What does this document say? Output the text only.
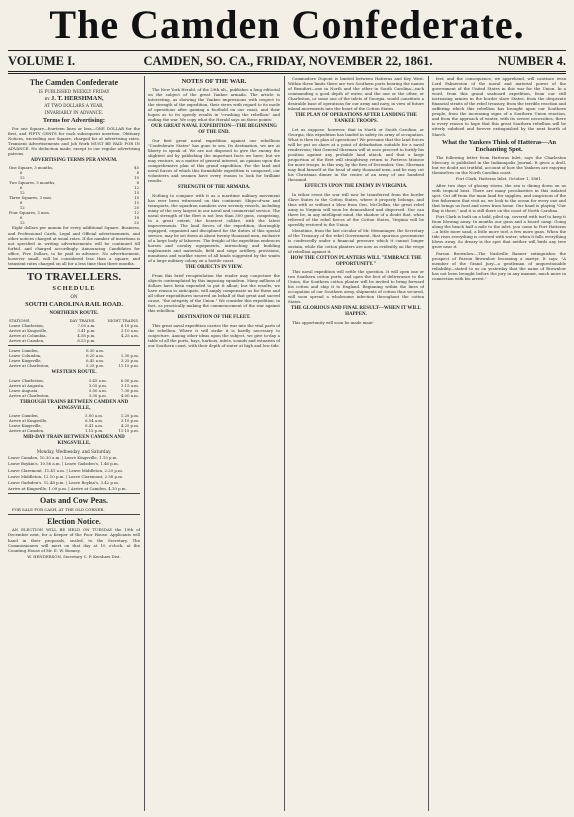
The Camden Confederate.
VOLUME I.	CAMDEN, SO. CA., FRIDAY, NOVEMBER 22, 1861.	NUMBER 4.

The Camden Confederate

IS PUBLISHED WEEKLY FRIDAY

BY J. T. HERSHMAN,

AT TWO DOLLARS A YEAR,

INVARIABLY IN ADVANCE.

Terms for Advertising:

For one Square—fourteen lines or less—ONE DOLLAR for the first, and FIFTY CENTS for each subsequent insertion. Obituary Notices, exceeding one Square, charged for at advertising rates. Transient Advertisements and Job Work MUST BE PAID FOR IN ADVANCE. No deduction made, except to our regular advertising patrons.

ADVERTISING TERMS PER ANNUM.

One Square, 3 months,	$5
6	8
12	10
Two Squares, 3 months,	8
6	12
12	15
Three Squares, 3 mos.	10
6	15
12	20
Four Squares, 3 mos.	12
6	18
12	25

Eight dollars per annum for every additional Square. Business, and Professional Cards, Legal and Official advertisements, and other notices charged at usual rates. If the number of insertions is not specified in writing advertisements will be continued till forbid, and charged accordingly. Announcing Candidates for office, Five Dollars, to be paid in advance. No advertisement, however small, will be considered less than a square; and transient rates charged on all for a less time than three months.

TO TRAVELLERS.

SCHEDULE

ON

SOUTH CAROLINA RAIL ROAD.

NORTHERN ROUTE.

STATIONS.	DAY TRAINS.	NIGHT TRAINS.
Leave Charleston,	7.00 a.m.	6.10 p.m.
Arrive at Kingsville,	3.41 p.m.	3.10 a.m.
Arrive at Columbia,	4.58 p.m.	4.25 a.m.
Arrive at Camden,	6.53 p.m.	
Leave Camden,	6.30 a.m.	
Leave Columbia,	6.20 a.m.	1.30 p.m.
Leave Kingsville,	6.45 a.m.	3.25 p.m.
Arrive at Charleston,	5.25 p.m.	11.15 p.m.

WESTERN ROUTE.

Leave Charleston,	5.45 a.m.	6.00 p.m.
Arrive at Augusta,	3.05 p.m.	3.15 a.m.
Leave Augusta,	5.00 a.m.	7.30 p.m.
Arrive at Charleston,	3.30 p.m.	4.00 a.m.

THROUGH TRAINS BETWEEN CAMDEN AND KINGSVILLE,

Leave Camden,	5.00 a.m.	1.20 p.m.
Arrive at Kingsville,	6.54 a.m.	3.10 p.m.
Leave Kingsville,	6.41 a.m.	4.25 p.m.
Arrive at Camden,	1.15 p.m.	11.15 p.m.

MID-DAY TRAIN BETWEEN CAMDEN AND KINGSVILLE,

Monday, Wednesday, and Saturday.

Leave Camden, 10.30 a.m. | Leave Kingsville, 1.15 p.m.

Leave Boykin's, 10.56 a.m. | Leave Gadsden's, 1.46 p.m.

Leave Claremont, 11.41 a.m. | Leave Middleton, 2.20 p.m.

Leave Middleton, 12.10 p.m. | Leave Claremont, 2.58 p.m.

Leave Gadsden's, 12.48 p.m. | Leave Boykin's, 3.42 p.m.

Arrive at Kingsville, 1.09 p.m. | Arrive at Camden, 4.10 p.m.

Oats and Cow Peas.

FOR SALE FOR CASH, AT THE OLD CORNER.

Election Notice.

AN ELECTION WILL BE HELD ON TUESDAY the 19th of December next, for a Keeper of the Poor House. Applicants will hand in their proposals, sealed, to the Secretary. The Commissioners will meet on that day at 10 o'clock, at the Counting House of Mr. E. W. Bonney.

W. HENDERSON, Secretary C. P. Kershaw Dist.

NOTES OF THE WAR.

The New York Herald, of the 29th ult., publishes a long editorial on the subject of the great Yankee armada. The article is interesting, as showing the Yankee impressions with respect to the strength of the expedition, their views with regard to its mode of operations after gaining a foothold on our coast, and their hopes as to its speedy results in "crushing the rebellion" and ending the war. We copy what the Herald says on these points:

OUR GREAT NAVAL EXPEDITION—THE BEGINNING OF THE END.

Our first great naval expedition against our rebellious "Confederate States" has gone to sea. Its destination, we are at liberty to speak of. We are not disposed to give the enemy the slightest aid by publishing the important facts we have; but we may venture, as a matter of general interest, an opinion upon the comprehensive plan of this grand expedition. For the land and naval forces of which this formidable expedition is composed, our volunteers and seamen have every reason to look for brilliant results.

STRENGTH OF THE ARMADA.

Nothing to compare with it as a maritime military movement has ever been witnessed on this continent. Ships-of-war and transports, the squadron numbers over seventy vessels, including many of the very largest in our naval and commercial service. The naval strength of the fleet is not less than 300 guns, comprising, to a great extent, the heaviest calibre, with the latest improvements. The land forces of the expedition, thoroughly equipped, organized and disciplined for the duties of this special service, may be set down at about twenty thousand men, exclusive of a large body of laborers. The freight of the expedition embraces horses and cavalry equipments, intrenching and building implements and materials, field and siege artillery, provisions, munitions and warlike stores of all kinds suggested by the wants of a large military colony on a hostile coast.

THE OBJECTS IN VIEW.

From this brief recapitulation the reader may conjecture the objects contemplated by this imposing squadron. Many millions of dollars have been expended to put it afloat; but the results, we have reason to anticipate, will amply compensate us for these and all other expenditures incurred on behalf of that great and sacred cause, "the integrity of the Union." We consider this expedition, in fact, as practically making the commencement of the war against this rebellion.

DESTINATION OF THE FLEET.

This great naval expedition carries the war into the vital parts of the rebellion. Where it will strike it is hardly necessary to conjecture. Among other ideas upon the subject, we give to-day a table of all the ports, bays, harbors, inlets, sounds and estuaries of our Southern coast, with their depth of water at high and low tide.

Commodore Dupont is limited between Hatteras and Key West. Within these limits there are two Southern ports bearing the names of Beaufort—one in North and the other in South Carolina—each commanding a good depth of water, and the one or the other, or Charleston, or some one of the inlets of Georgia, would constitute a desirable base of operations for our army and navy, in view of future inland movements into the heart of the Cotton States.

THE PLAN OF OPERATIONS AFTER LANDING THE YANKEE TROOPS.

Let us suppose, however, that in North or South Carolina, or Georgia, this expedition has landed in safety its army of occupation. What is then its plan of operations? We presume that the land forces will be put on shore at a point of debarkation suitable for a naval rendezvous; that General Sherman will at once proceed to fortify his position against any probable land attack, and that a large proportion of the fleet will straightway return to Fortress Monroe for more troops. In this way, by the first of December, Gen. Sherman may find himself at the head of sixty thousand men, and he may cut his Christmas dinner in the centre of an army of one hundred thousand.

EFFECTS UPON THE ENEMY IN VIRGINIA.

In either event the war will now be transferred from the border Slave States to the Cotton States, where it properly belongs, and thus with or without a blow from Gen. McClellan, the great rebel army in Virginia will soon be demoralized and dispersed. Nor can there be, in any intelligent mind, the shadow of a doubt that, when relieved of the rebel forces of the Cotton States, Virginia will be speedily restored to the Union.

Meantime, from the last circular of Mr. Memminger, the Secretary of the Treasury of the rebel Government, that spurious government is confessedly under a financial pressure which it cannot longer sustain, while the cotton planters are now as evidently on the verge of rebellion against it.

HOW THE COTTON PLANTERS WILL "EMBRACE THE OPPORTUNITY."

This naval expedition will settle the question. It will open one or two Southern cotton ports, and open the foot of deliverance to the Union, the Southern cotton planter will be invited to bring forward his cotton and ship it to England. Beginning within the lines of occupation of our Southern army, shipments of cotton thus secured, will soon spread a wholesome infection throughout the cotton States.

THE GLORIOUS AND FINAL RESULT—WHEN IT WILL HAPPEN.

This opportunity will soon be made mani-

fest, and the consequence, we apprehend, will convince even Lord Palmerston of the moral and material power of the government of the United States in this war for the Union. In a word, from this grand seaboard expedition, from our still increasing armies in the border slave States, from the desperate financial straits of the rebel treasury, from the terrible reaction and suffering which this rebellion has brought upon our Southern people, from the increasing signs of a Southern Union reaction, and from the approach of winter, with its severe necessities, there is every reason to hope that this great Southern rebellion will be utterly subdued and forever extinguished by the next fourth of March.

What the Yankees Think of Hatteras—An Enchanting Spot.

The following letter from Hatteras Inlet, says the Charleston Mercury, is published in the Indianapolis Journal. It gives a droll, but we doubt not truthful, account of how the Yankees are enjoying themselves on the North Carolina coast.

Fort Clark, Hatteras Inlet, October 1, 1861.

After two days of gloomy storm, the sea is dining down on us with tropical heat. There are many peculiarities in this isolated spot. Cut off from the main land for supplies, and suspicious of the few fishermen that visit us, we look to the ocean for every one and that brings us food and news from home. Our band is playing "Our flag is there," and it is still there on the coast of North Carolina.

Fort Clark is built on a bald, piled up, covered with turf to keep it from blowing away. In months our guns and a board camp. Going along the beach half a mile to the inlet, you come to Fort Hatteras—a little more sand, a little more turf, a few more guns. When the tide rises everything is covered with water; when it falls everything blows away. So dreary is the spot that neither will birds any tree grow near it.

Parson Brownlow.—The Nashville Banner extinguishes the prospect of Parson Brownlow becoming a martyr. It says: "A member of the Grand Jury—a gentleman of unquestionable reliability—stated to us on yesterday that the name of Brownlow has not been brought before the jury in any manner, much more in connection with his arrest."
